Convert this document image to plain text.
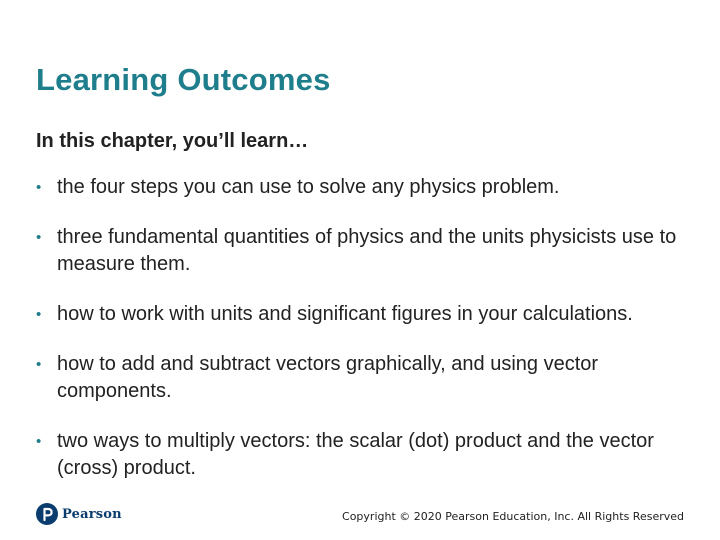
Learning Outcomes
In this chapter, you’ll learn…
• the four steps you can use to solve any physics problem.
• three fundamental quantities of physics and the units physicists use to measure them.
• how to work with units and significant figures in your calculations.
• how to add and subtract vectors graphically, and using vector components.
• two ways to multiply vectors: the scalar (dot) product and the vector (cross) product.
Pearson	Copyright © 2020 Pearson Education, Inc. All Rights Reserved
